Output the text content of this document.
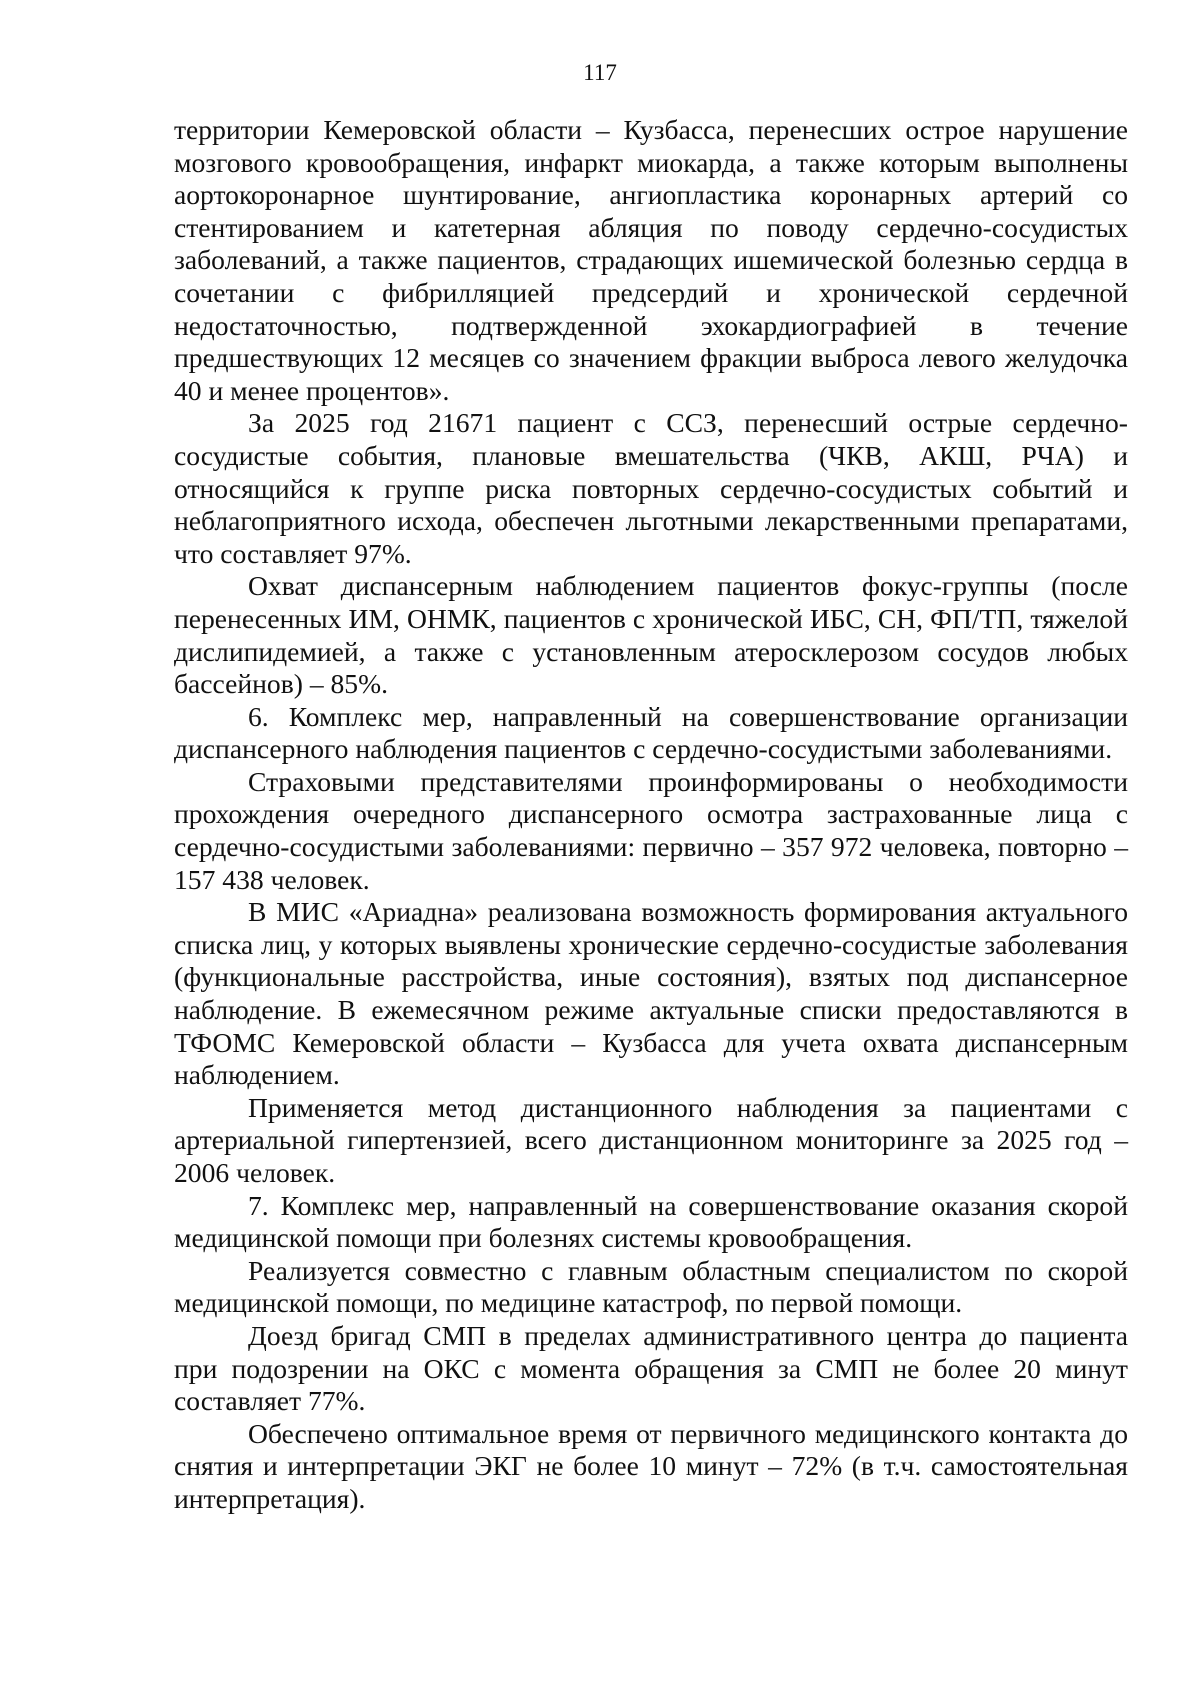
117

территории Кемеровской области – Кузбасса, перенесших острое нарушение мозгового кровообращения, инфаркт миокарда, а также которым выполнены аортокоронарное шунтирование, ангиопластика коронарных артерий со стентированием и катетерная абляция по поводу сердечно-сосудистых заболеваний, а также пациентов, страдающих ишемической болезнью сердца в сочетании с фибрилляцией предсердий и хронической сердечной недостаточностью, подтвержденной эхокардиографией в течение предшествующих 12 месяцев со значением фракции выброса левого желудочка 40 и менее процентов».

За 2025 год 21671 пациент с ССЗ, перенесший острые сердечно-сосудистые события, плановые вмешательства (ЧКВ, АКШ, РЧА) и относящийся к группе риска повторных сердечно-сосудистых событий и неблагоприятного исхода, обеспечен льготными лекарственными препаратами, что составляет 97%.

Охват диспансерным наблюдением пациентов фокус-группы (после перенесенных ИМ, ОНМК, пациентов с хронической ИБС, СН, ФП/ТП, тяжелой дислипидемией, а также с установленным атеросклерозом сосудов любых бассейнов) – 85%.

6. Комплекс мер, направленный на совершенствование организации диспансерного наблюдения пациентов с сердечно-сосудистыми заболеваниями.

Страховыми представителями проинформированы о необходимости прохождения очередного диспансерного осмотра застрахованные лица с сердечно-сосудистыми заболеваниями: первично – 357 972 человека, повторно – 157 438 человек.

В МИС «Ариадна» реализована возможность формирования актуального списка лиц, у которых выявлены хронические сердечно-сосудистые заболевания (функциональные расстройства, иные состояния), взятых под диспансерное наблюдение. В ежемесячном режиме актуальные списки предоставляются в ТФОМС Кемеровской области – Кузбасса для учета охвата диспансерным наблюдением.

Применяется метод дистанционного наблюдения за пациентами с артериальной гипертензией, всего дистанционном мониторинге за 2025 год – 2006 человек.

7. Комплекс мер, направленный на совершенствование оказания скорой медицинской помощи при болезнях системы кровообращения.

Реализуется совместно с главным областным специалистом по скорой медицинской помощи, по медицине катастроф, по первой помощи.

Доезд бригад СМП в пределах административного центра до пациента при подозрении на ОКС с момента обращения за СМП не более 20 минут составляет 77%.

Обеспечено оптимальное время от первичного медицинского контакта до снятия и интерпретации ЭКГ не более 10 минут – 72% (в т.ч. самостоятельная интерпретация).
